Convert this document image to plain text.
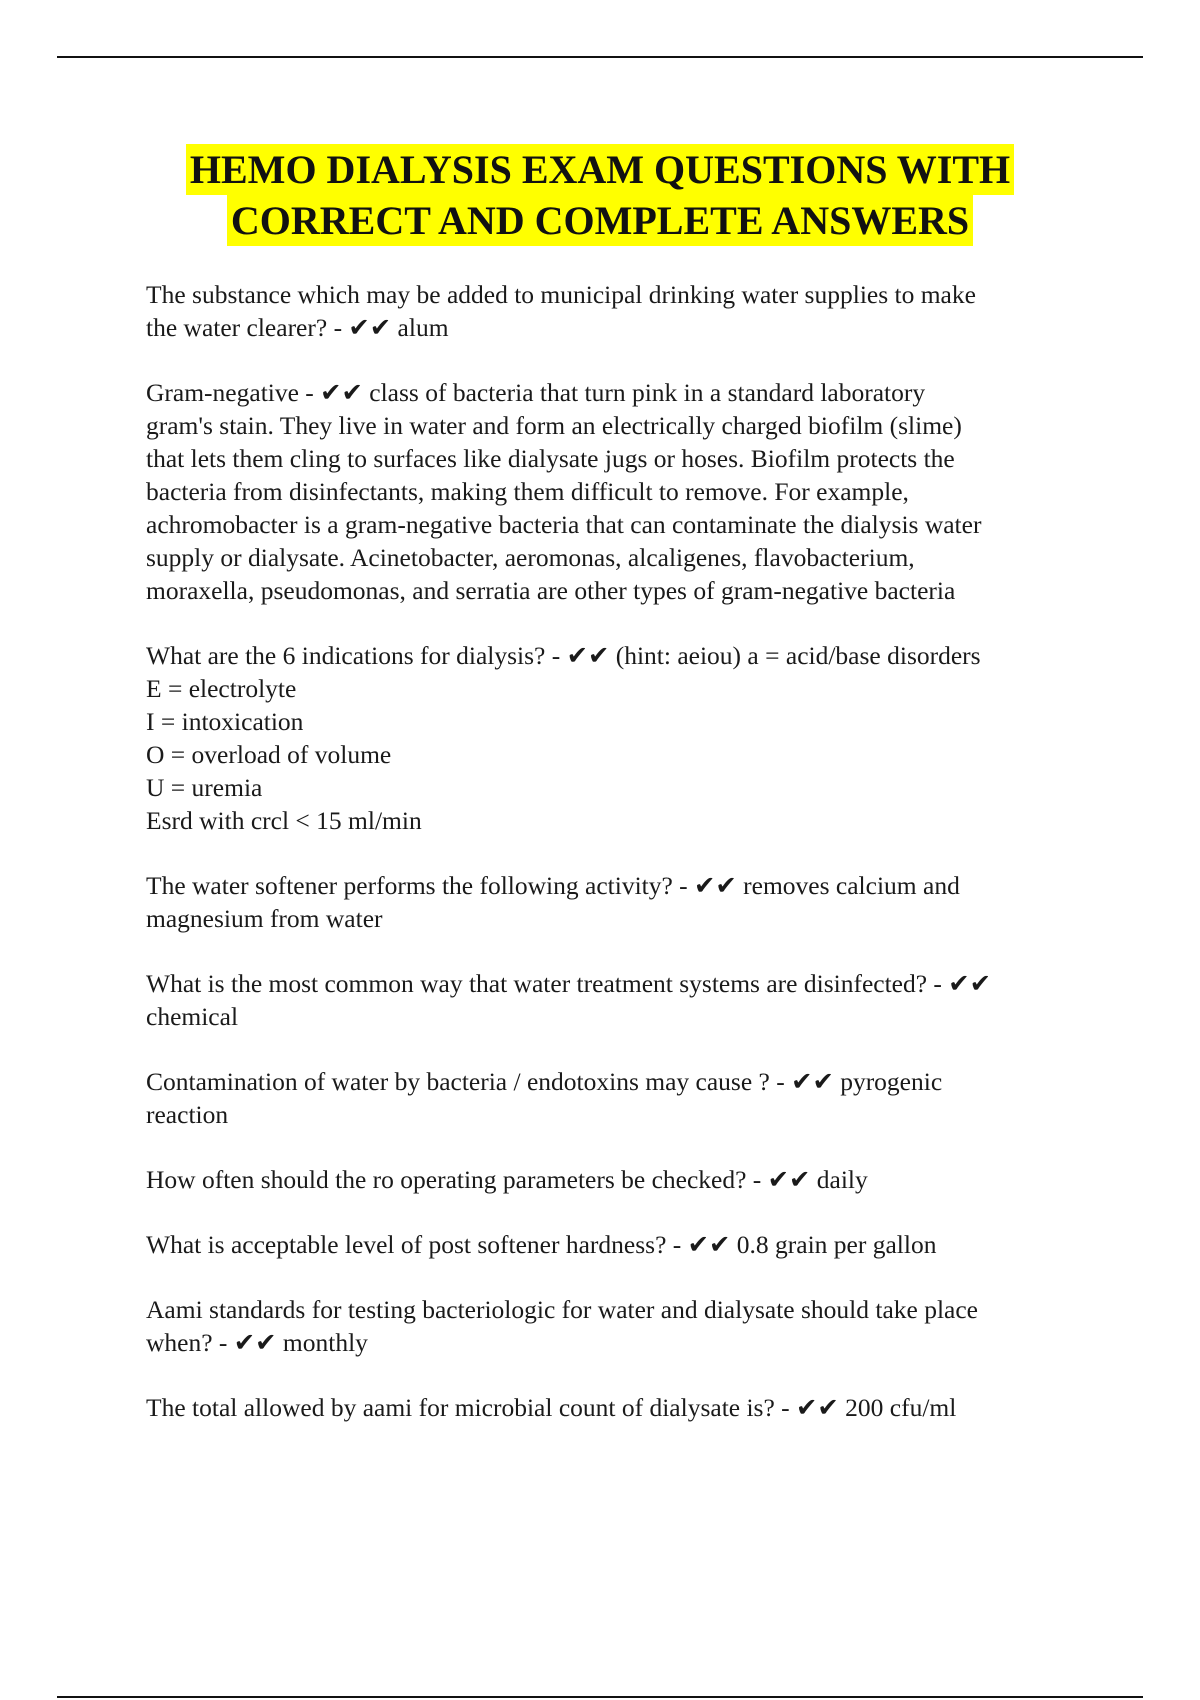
HEMO DIALYSIS EXAM QUESTIONS WITH
CORRECT AND COMPLETE ANSWERS
The substance which may be added to municipal drinking water supplies to make
the water clearer? - ✔✔ alum
Gram-negative - ✔✔ class of bacteria that turn pink in a standard laboratory
gram's stain. They live in water and form an electrically charged biofilm (slime)
that lets them cling to surfaces like dialysate jugs or hoses. Biofilm protects the
bacteria from disinfectants, making them difficult to remove. For example,
achromobacter is a gram-negative bacteria that can contaminate the dialysis water
supply or dialysate. Acinetobacter, aeromonas, alcaligenes, flavobacterium,
moraxella, pseudomonas, and serratia are other types of gram-negative bacteria
What are the 6 indications for dialysis? - ✔✔ (hint: aeiou) a = acid/base disorders
E = electrolyte
I = intoxication
O = overload of volume
U = uremia
Esrd with crcl < 15 ml/min
The water softener performs the following activity? - ✔✔ removes calcium and
magnesium from water
What is the most common way that water treatment systems are disinfected? - ✔✔
chemical
Contamination of water by bacteria / endotoxins may cause ? - ✔✔ pyrogenic
reaction
How often should the ro operating parameters be checked? - ✔✔ daily
What is acceptable level of post softener hardness? - ✔✔ 0.8 grain per gallon
Aami standards for testing bacteriologic for water and dialysate should take place
when? - ✔✔ monthly
The total allowed by aami for microbial count of dialysate is? - ✔✔ 200 cfu/ml
